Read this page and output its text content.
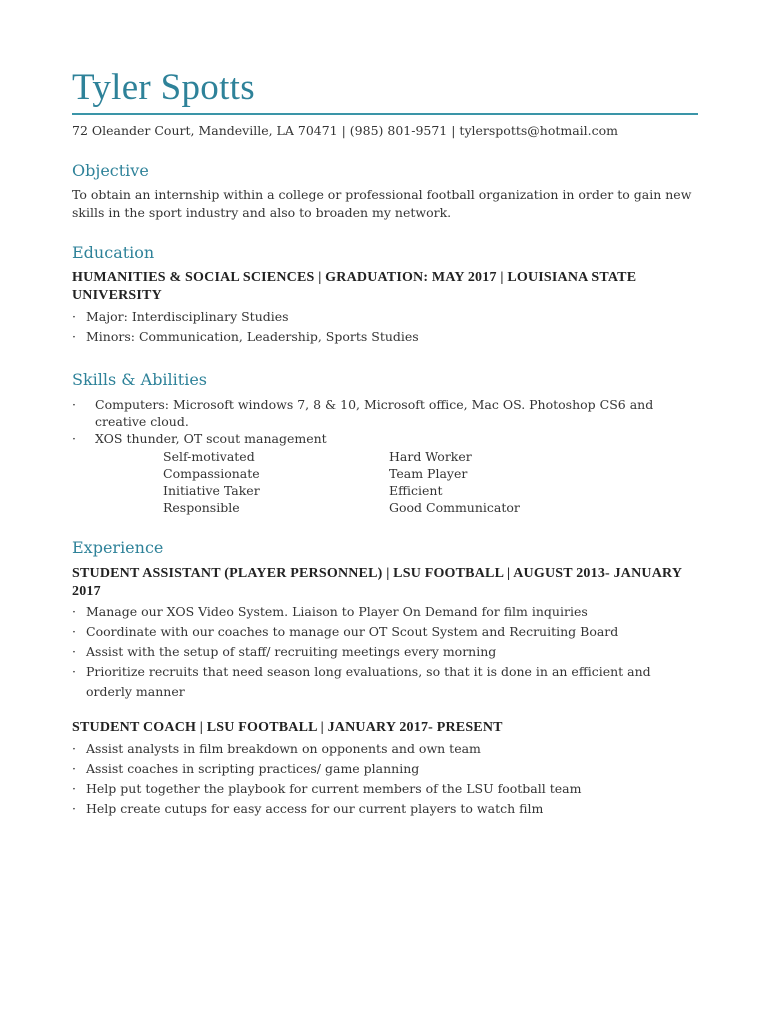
Tyler Spotts
72 Oleander Court, Mandeville, LA 70471 | (985) 801-9571 | tylerspotts@hotmail.com
Objective
To obtain an internship within a college or professional football organization in order to gain new skills in the sport industry and also to broaden my network.
Education
HUMANITIES & SOCIAL SCIENCES | GRADUATION: MAY 2017 | LOUISIANA STATE UNIVERSITY
· Major: Interdisciplinary Studies
· Minors: Communication, Leadership, Sports Studies
Skills & Abilities
· Computers: Microsoft windows 7, 8 & 10, Microsoft office, Mac OS. Photoshop CS6 and creative cloud.
· XOS thunder, OT scout management
Self-motivated
Compassionate
Initiative Taker
Responsible
Hard Worker
Team Player
Efficient
Good Communicator
Experience
STUDENT ASSISTANT (PLAYER PERSONNEL) | LSU FOOTBALL | AUGUST 2013- JANUARY 2017
· Manage our XOS Video System. Liaison to Player On Demand for film inquiries
· Coordinate with our coaches to manage our OT Scout System and Recruiting Board
· Assist with the setup of staff/ recruiting meetings every morning
· Prioritize recruits that need season long evaluations, so that it is done in an efficient and orderly manner
STUDENT COACH | LSU FOOTBALL | JANUARY 2017- PRESENT
· Assist analysts in film breakdown on opponents and own team
· Assist coaches in scripting practices/ game planning
· Help put together the playbook for current members of the LSU football team
· Help create cutups for easy access for our current players to watch film
